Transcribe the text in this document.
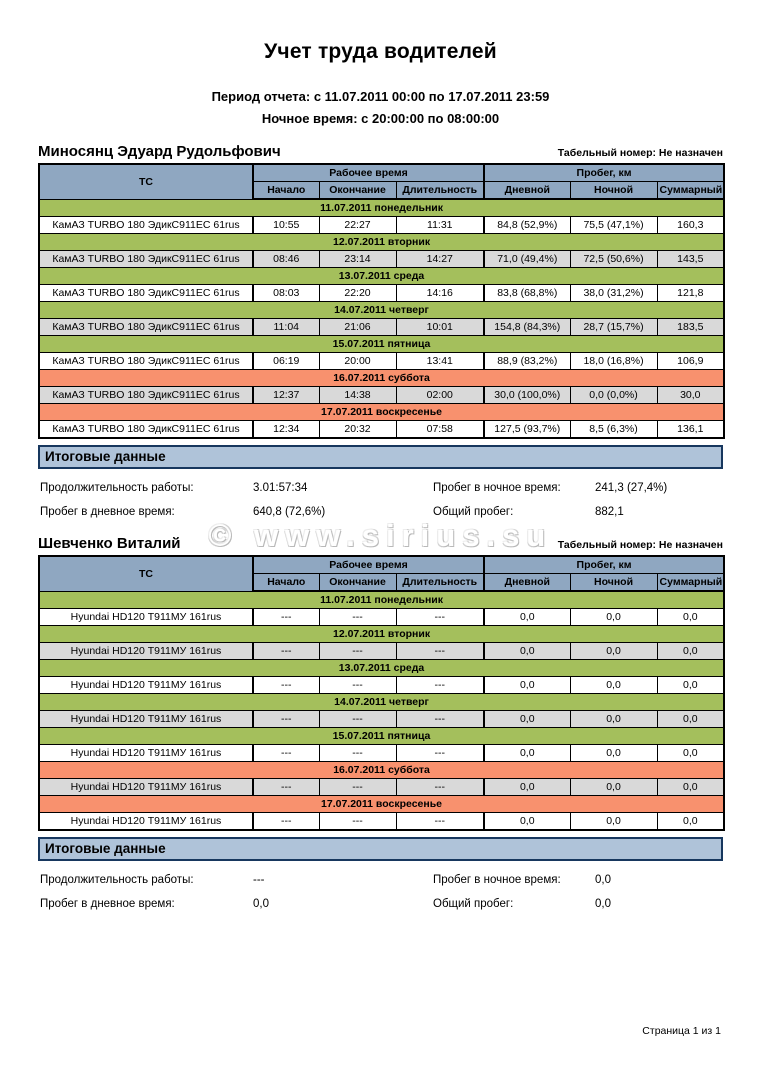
Учет труда водителей

Период отчета: с 11.07.2011 00:00 по 17.07.2011 23:59

Ночное время: с 20:00:00 по 08:00:00

Миносянц Эдуард Рудольфович	Табельный номер: Не назначен
ТС	Рабочее время			Пробег, км		
	Начало	Окончание	Длительность	Дневной	Ночной	Суммарный
11.07.2011 понедельник						
КамАЗ TURBO 180 ЭдикС911ЕС 61rus	10:55	22:27	11:31	84,8 (52,9%)	75,5 (47,1%)	160,3
12.07.2011 вторник						
КамАЗ TURBO 180 ЭдикС911ЕС 61rus	08:46	23:14	14:27	71,0 (49,4%)	72,5 (50,6%)	143,5
13.07.2011 среда						
КамАЗ TURBO 180 ЭдикС911ЕС 61rus	08:03	22:20	14:16	83,8 (68,8%)	38,0 (31,2%)	121,8
14.07.2011 четверг						
КамАЗ TURBO 180 ЭдикС911ЕС 61rus	11:04	21:06	10:01	154,8 (84,3%)	28,7 (15,7%)	183,5
15.07.2011 пятница						
КамАЗ TURBO 180 ЭдикС911ЕС 61rus	06:19	20:00	13:41	88,9 (83,2%)	18,0 (16,8%)	106,9
16.07.2011 суббота						
КамАЗ TURBO 180 ЭдикС911ЕС 61rus	12:37	14:38	02:00	30,0 (100,0%)	0,0 (0,0%)	30,0
17.07.2011 воскресенье						
КамАЗ TURBO 180 ЭдикС911ЕС 61rus	12:34	20:32	07:58	127,5 (93,7%)	8,5 (6,3%)	136,1
Итоговые данные
Продолжительность работы:	3.01:57:34	Пробег в ночное время:	241,3 (27,4%)
Пробег в дневное время:	640,8 (72,6%)	Общий пробег:	882,1
Шевченко Виталий	Табельный номер: Не назначен
ТС	Рабочее время			Пробег, км		
	Начало	Окончание	Длительность	Дневной	Ночной	Суммарный
11.07.2011 понедельник						
Hyundai HD120 Т911МУ 161rus	---	---	---	0,0	0,0	0,0
12.07.2011 вторник						
Hyundai HD120 Т911МУ 161rus	---	---	---	0,0	0,0	0,0
13.07.2011 среда						
Hyundai HD120 Т911МУ 161rus	---	---	---	0,0	0,0	0,0
14.07.2011 четверг						
Hyundai HD120 Т911МУ 161rus	---	---	---	0,0	0,0	0,0
15.07.2011 пятница						
Hyundai HD120 Т911МУ 161rus	---	---	---	0,0	0,0	0,0
16.07.2011 суббота						
Hyundai HD120 Т911МУ 161rus	---	---	---	0,0	0,0	0,0
17.07.2011 воскресенье						
Hyundai HD120 Т911МУ 161rus	---	---	---	0,0	0,0	0,0
Итоговые данные
Продолжительность работы:	---	Пробег в ночное время:	0,0
Пробег в дневное время:	0,0	Общий пробег:	0,0
© www.sirius.su
Страница 1 из 1
